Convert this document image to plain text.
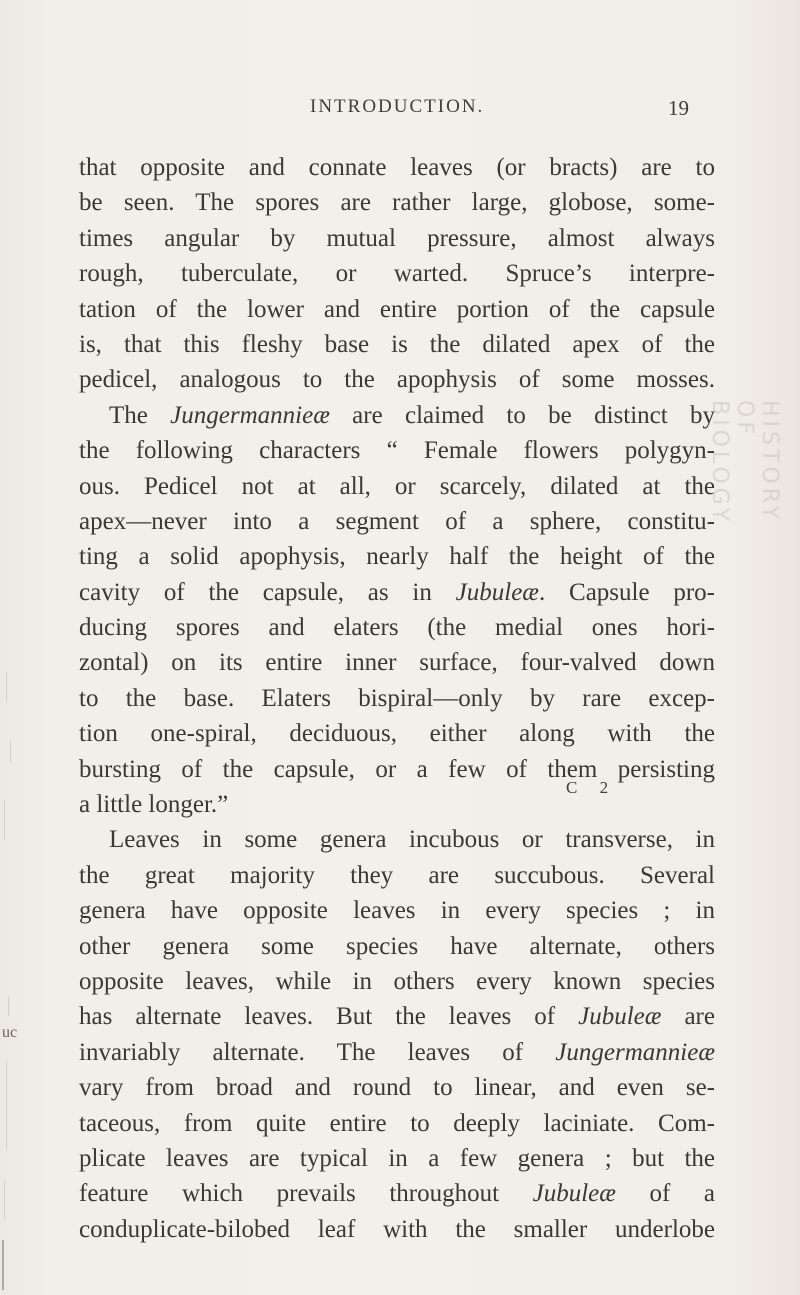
INTRODUCTION.	19
that opposite and connate leaves (or bracts) are to
be seen. The spores are rather large, globose, some-
times angular by mutual pressure, almost always
rough, tuberculate, or warted. Spruce’s interpre-
tation of the lower and entire portion of the capsule
is, that this fleshy base is the dilated apex of the
pedicel, analogous to the apophysis of some mosses.
The Jungermannieæ are claimed to be distinct by
the following characters “ Female flowers polygyn-
ous. Pedicel not at all, or scarcely, dilated at the
apex—never into a segment of a sphere, constitu-
ting a solid apophysis, nearly half the height of the
cavity of the capsule, as in Jubuleæ. Capsule pro-
ducing spores and elaters (the medial ones hori-
zontal) on its entire inner surface, four-valved down
to the base. Elaters bispiral—only by rare excep-
tion one-spiral, deciduous, either along with the
bursting of the capsule, or a few of them persisting
a little longer.”
Leaves in some genera incubous or transverse, in
the great majority they are succubous. Several
genera have opposite leaves in every species ; in
other genera some species have alternate, others
opposite leaves, while in others every known species
has alternate leaves. But the leaves of Jubuleæ are
invariably alternate. The leaves of Jungermannieæ
vary from broad and round to linear, and even se-
taceous, from quite entire to deeply laciniate. Com-
plicate leaves are typical in a few genera ; but the
feature which prevails throughout Jubuleæ of a
conduplicate-bilobed leaf with the smaller underlobe
C 2
HISTORY OF BIOLOGY
uc
